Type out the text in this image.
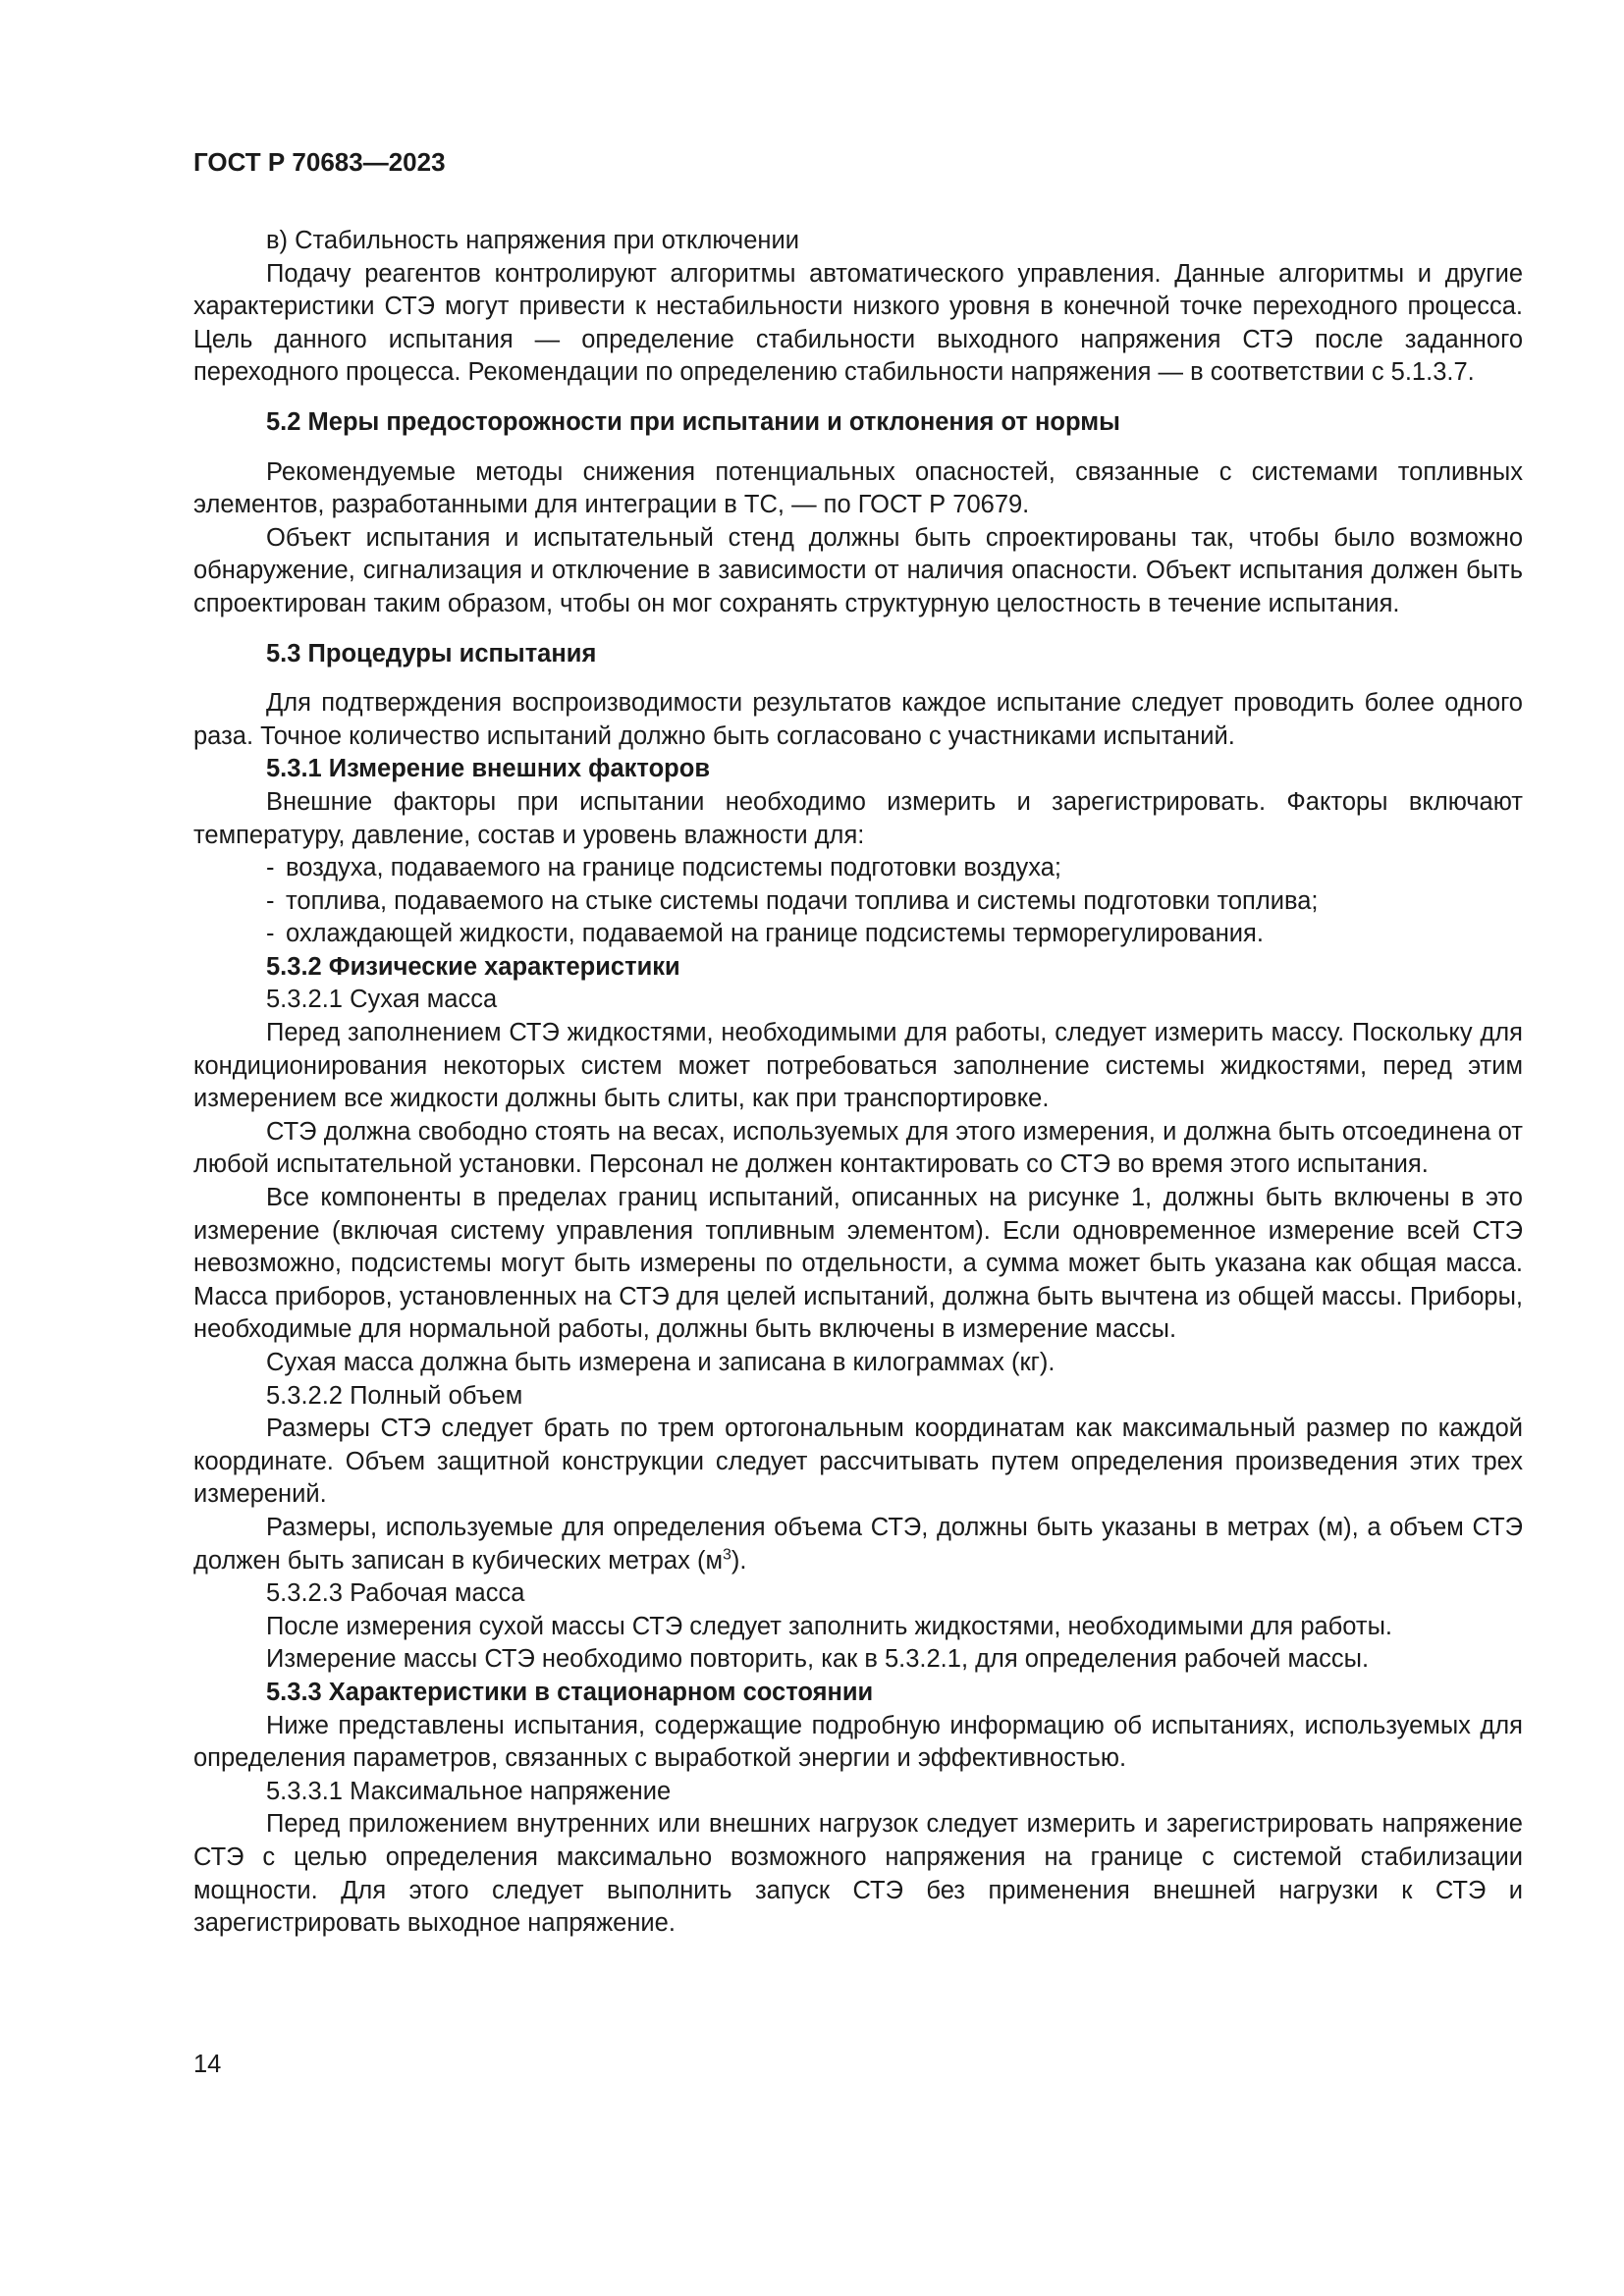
ГОСТ Р 70683—2023

в) Стабильность напряжения при отключении

Подачу реагентов контролируют алгоритмы автоматического управления. Данные алгоритмы и другие характеристики СТЭ могут привести к нестабильности низкого уровня в конечной точке переходного процесса. Цель данного испытания — определение стабильности выходного напряжения СТЭ после заданного переходного процесса. Рекомендации по определению стабильности напряжения — в соответствии с 5.1.3.7.

5.2 Меры предосторожности при испытании и отклонения от нормы

Рекомендуемые методы снижения потенциальных опасностей, связанные с системами топливных элементов, разработанными для интеграции в ТС, — по ГОСТ Р 70679.

Объект испытания и испытательный стенд должны быть спроектированы так, чтобы было возможно обнаружение, сигнализация и отключение в зависимости от наличия опасности. Объект испытания должен быть спроектирован таким образом, чтобы он мог сохранять структурную целостность в течение испытания.

5.3 Процедуры испытания

Для подтверждения воспроизводимости результатов каждое испытание следует проводить более одного раза. Точное количество испытаний должно быть согласовано с участниками испытаний.

5.3.1 Измерение внешних факторов

Внешние факторы при испытании необходимо измерить и зарегистрировать. Факторы включают температуру, давление, состав и уровень влажности для:

- воздуха, подаваемого на границе подсистемы подготовки воздуха;

- топлива, подаваемого на стыке системы подачи топлива и системы подготовки топлива;

- охлаждающей жидкости, подаваемой на границе подсистемы терморегулирования.

5.3.2 Физические характеристики

5.3.2.1 Сухая масса

Перед заполнением СТЭ жидкостями, необходимыми для работы, следует измерить массу. Поскольку для кондиционирования некоторых систем может потребоваться заполнение системы жидкостями, перед этим измерением все жидкости должны быть слиты, как при транспортировке.

СТЭ должна свободно стоять на весах, используемых для этого измерения, и должна быть отсоединена от любой испытательной установки. Персонал не должен контактировать со СТЭ во время этого испытания.

Все компоненты в пределах границ испытаний, описанных на рисунке 1, должны быть включены в это измерение (включая систему управления топливным элементом). Если одновременное измерение всей СТЭ невозможно, подсистемы могут быть измерены по отдельности, а сумма может быть указана как общая масса. Масса приборов, установленных на СТЭ для целей испытаний, должна быть вычтена из общей массы. Приборы, необходимые для нормальной работы, должны быть включены в измерение массы.

Сухая масса должна быть измерена и записана в килограммах (кг).

5.3.2.2 Полный объем

Размеры СТЭ следует брать по трем ортогональным координатам как максимальный размер по каждой координате. Объем защитной конструкции следует рассчитывать путем определения произведения этих трех измерений.

Размеры, используемые для определения объема СТЭ, должны быть указаны в метрах (м), а объем СТЭ должен быть записан в кубических метрах $(м^3)$.

5.3.2.3 Рабочая масса

После измерения сухой массы СТЭ следует заполнить жидкостями, необходимыми для работы.

Измерение массы СТЭ необходимо повторить, как в 5.3.2.1, для определения рабочей массы.

5.3.3 Характеристики в стационарном состоянии

Ниже представлены испытания, содержащие подробную информацию об испытаниях, используемых для определения параметров, связанных с выработкой энергии и эффективностью.

5.3.3.1 Максимальное напряжение

Перед приложением внутренних или внешних нагрузок следует измерить и зарегистрировать напряжение СТЭ с целью определения максимально возможного напряжения на границе с системой стабилизации мощности. Для этого следует выполнить запуск СТЭ без применения внешней нагрузки к СТЭ и зарегистрировать выходное напряжение.

14
